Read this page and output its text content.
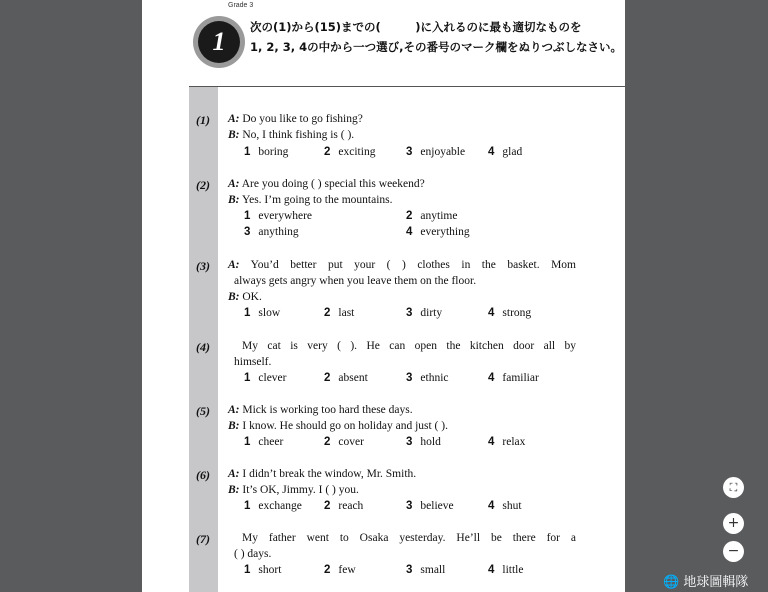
Grade 3
1	次の(1)から(15)までの(　　　)に入れるのに最も適切なものを
1, 2, 3, 4の中から一つ選び,その番号のマーク欄をぬりつぶしなさい。
(1) A: Do you like to go fishing?
B: No, I think fishing is ( ).
1 boring	2 exciting	3 enjoyable 4 glad
(2) A: Are you doing ( ) special this weekend?
B: Yes. I’m going to the mountains.
1 everywhere	2 anytime
3 anything	4 everything
(3) A: You’d better put your ( ) clothes in the basket. Mom
always gets angry when you leave them on the floor.
B: OK.
1 slow	2 last	3 dirty	4 strong
(4)	My cat is very ( ). He can open the kitchen door all by
himself.
1 clever	2 absent	3 ethnic	4 familiar
(5) A: Mick is working too hard these days.
B: I know. He should go on holiday and just ( ).
1 cheer	2 cover	3 hold	4 relax
(6) A: I didn’t break the window, Mr. Smith.
B: It’s OK, Jimmy. I ( ) you.
1 exchange 2 reach	3 believe	4 shut
(7)	My father went to Osaka yesterday. He’ll be there for a
( ) days.
1 short	2 few	3 small	4 little
⛶
+
−
🌐 地球圖輯隊
